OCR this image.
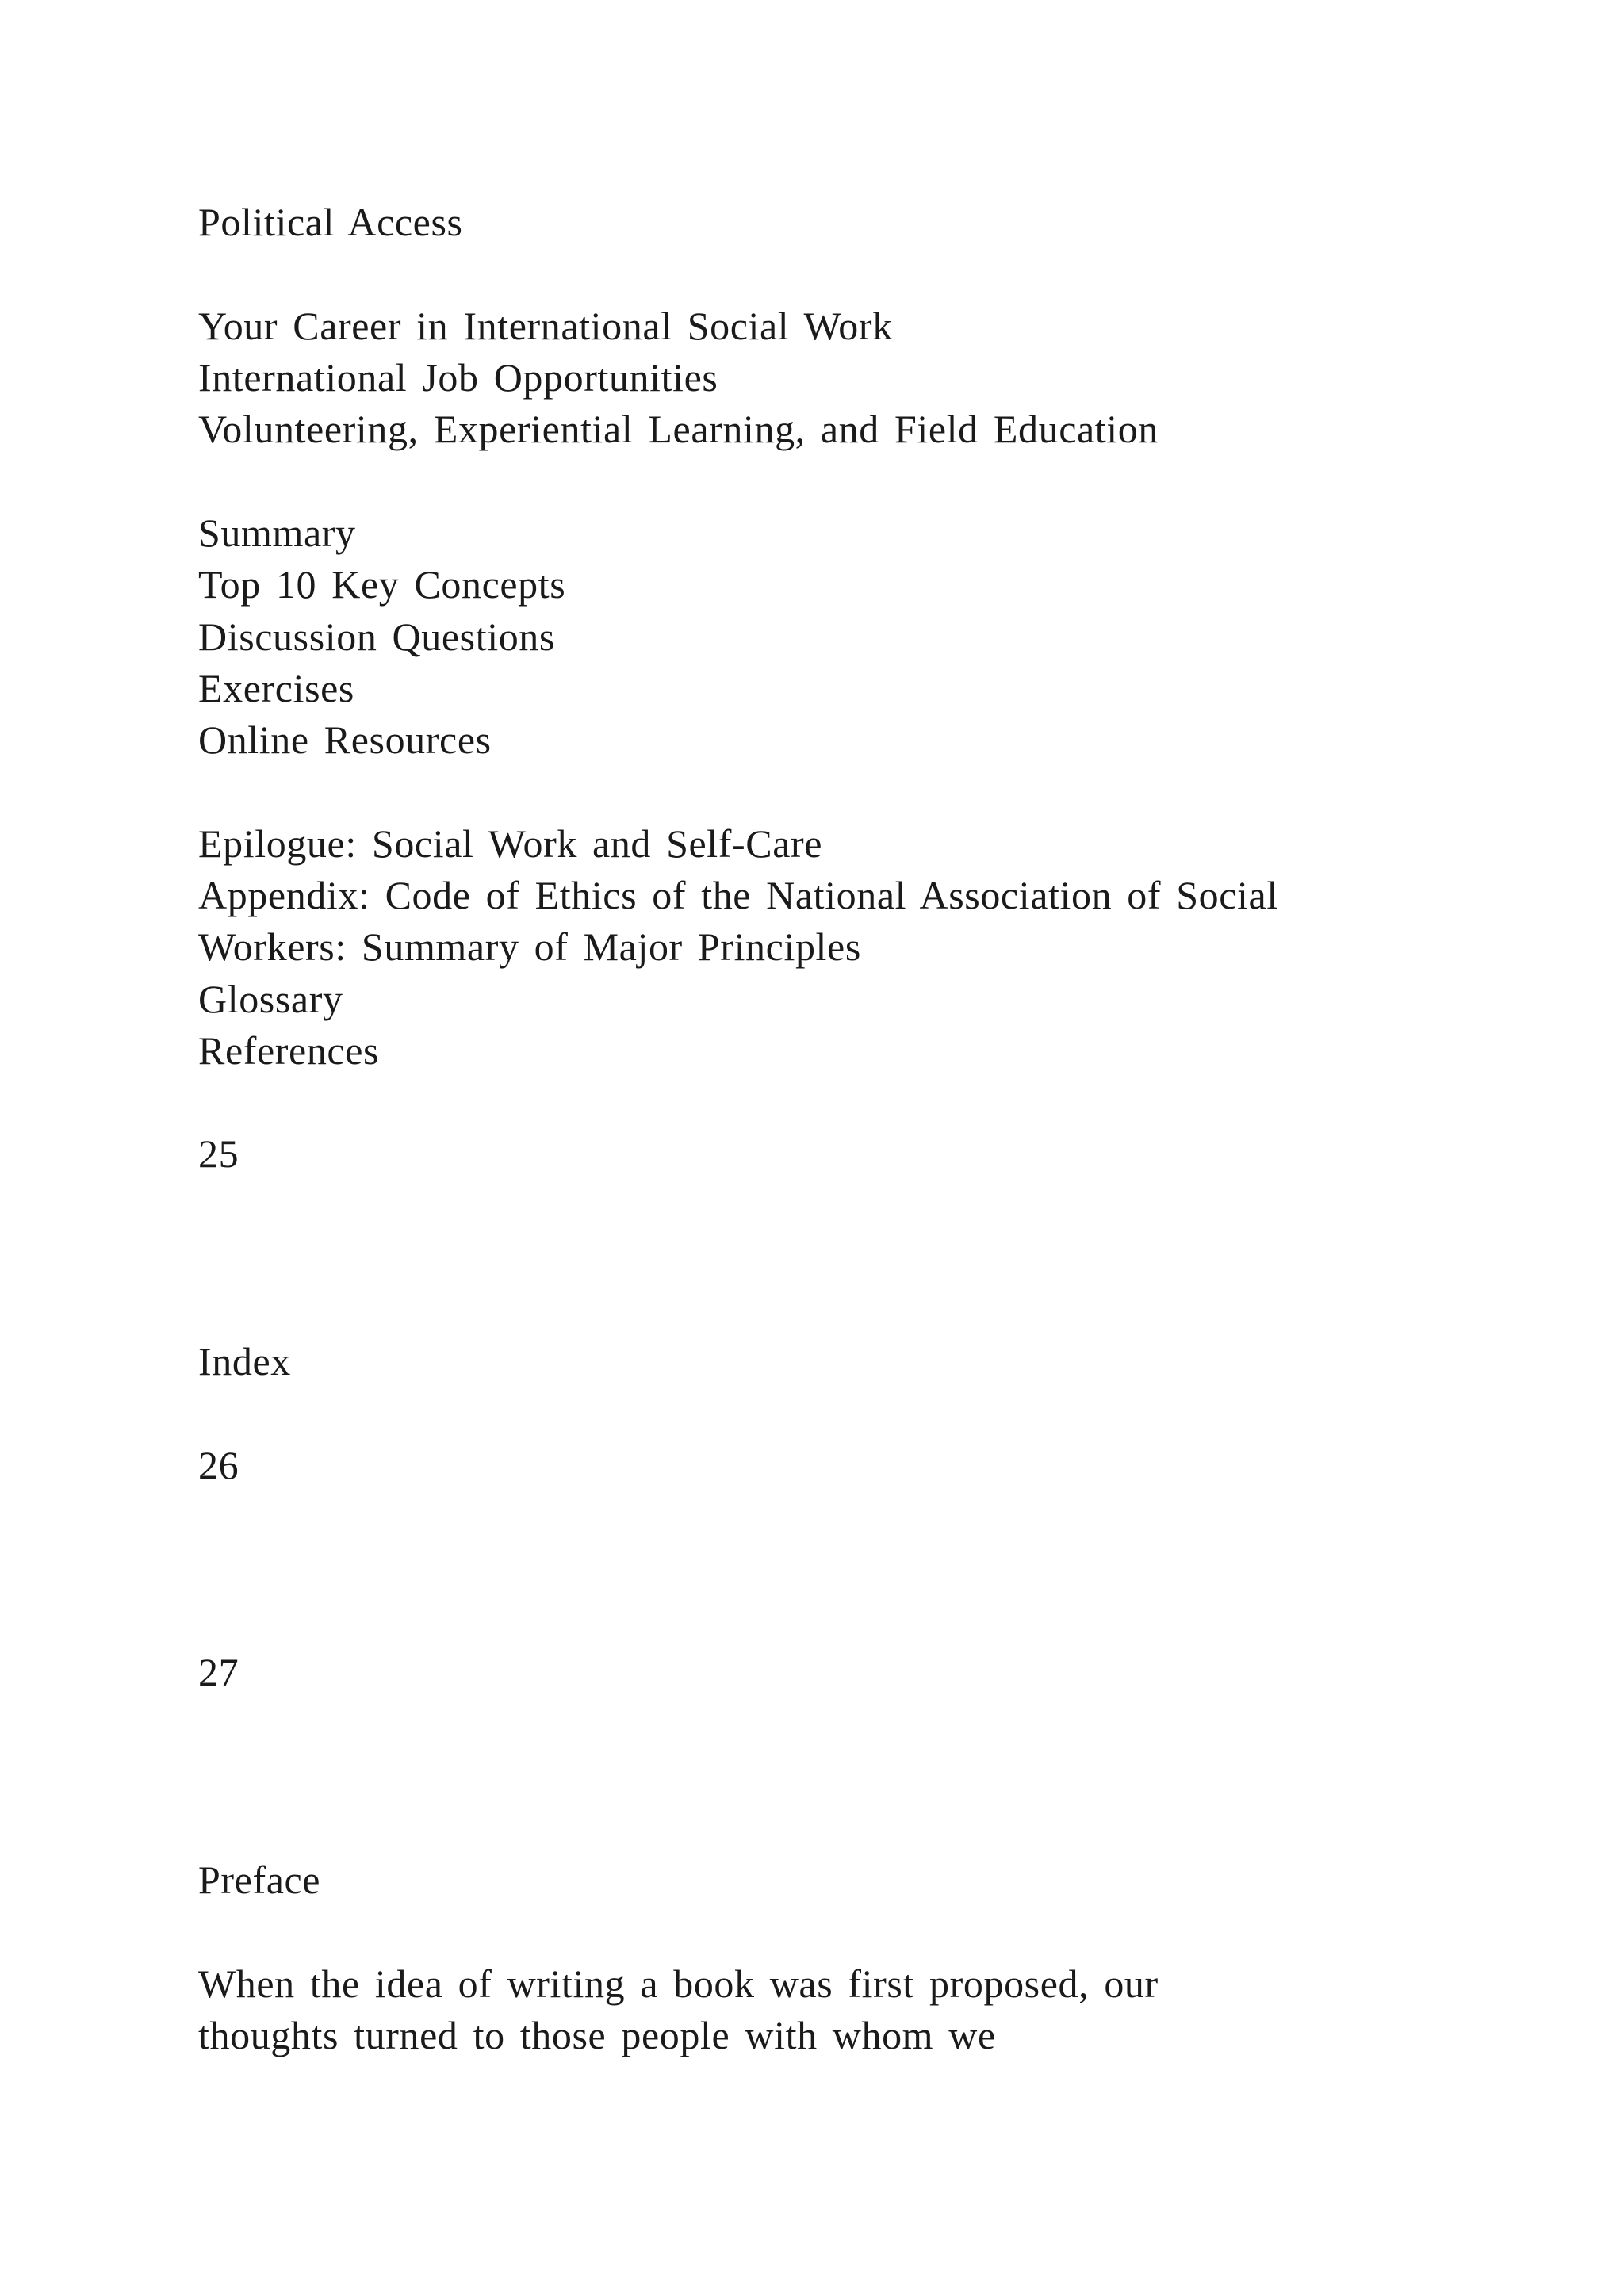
Political Access

Your Career in International Social Work

International Job Opportunities

Volunteering, Experiential Learning, and Field Education

Summary

Top 10 Key Concepts

Discussion Questions

Exercises

Online Resources

Epilogue: Social Work and Self-Care

Appendix: Code of Ethics of the National Association of Social

Workers: Summary of Major Principles

Glossary

References

25

Index

26

27

Preface

When the idea of writing a book was first proposed, our

thoughts turned to those people with whom we
